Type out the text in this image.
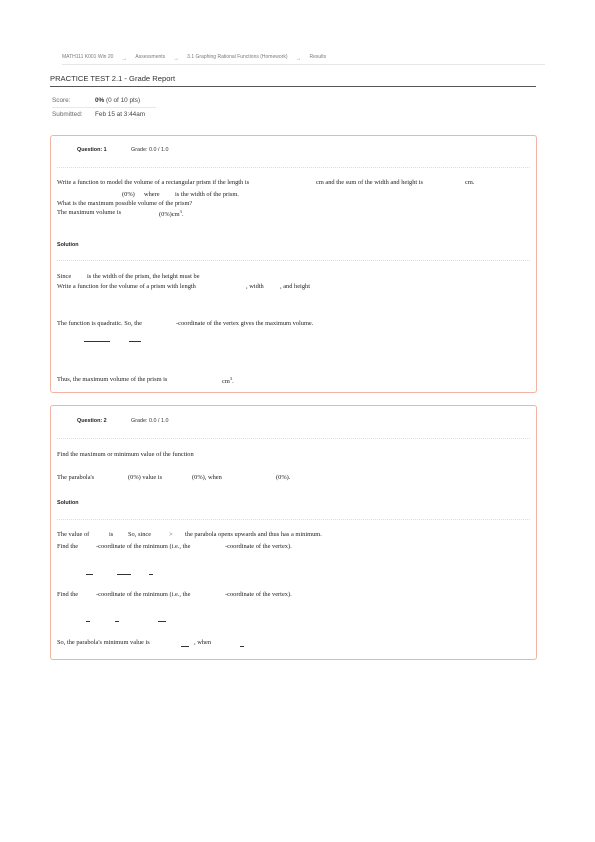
MATH111 K001 Win 20 → Assessments → 3.1 Graphing Rational Functions (Homework) → Results
PRACTICE TEST 2.1 - Grade Report
Score:	0% (0 of 10 pts)
Submitted: Feb 15 at 3:44am
Question: 1	Grade: 0.0 / 1.0
Write a function to model the volume of a rectangular prism if the length is	cm and the sum of the width and height is	cm.
(0%) where is the width of the prism.
What is the maximum possible volume of the prism?
The maximum volume is	$(0\%)cm^3$.
Solution
Since is the width of the prism, the height must be
Write a function for the volume of a prism with length	, width	, and height
The function is quadratic. So, the	-coordinate of the vertex gives the maximum volume.
Thus, the maximum volume of the prism is	$cm^3$.
Question: 2	Grade: 0.0 / 1.0
Find the maximum or minimum value of the function
The parabola's	(0%) value is	(0%), when	(0%).
Solution
The value of	is So, since	> the parabola opens upwards and thus has a minimum.
Find the	-coordinate of the minimum (i.e., the	-coordinate of the vertex).
Find the	-coordinate of the minimum (i.e., the	-coordinate of the vertex).
So, the parabola's minimum value is	, when
